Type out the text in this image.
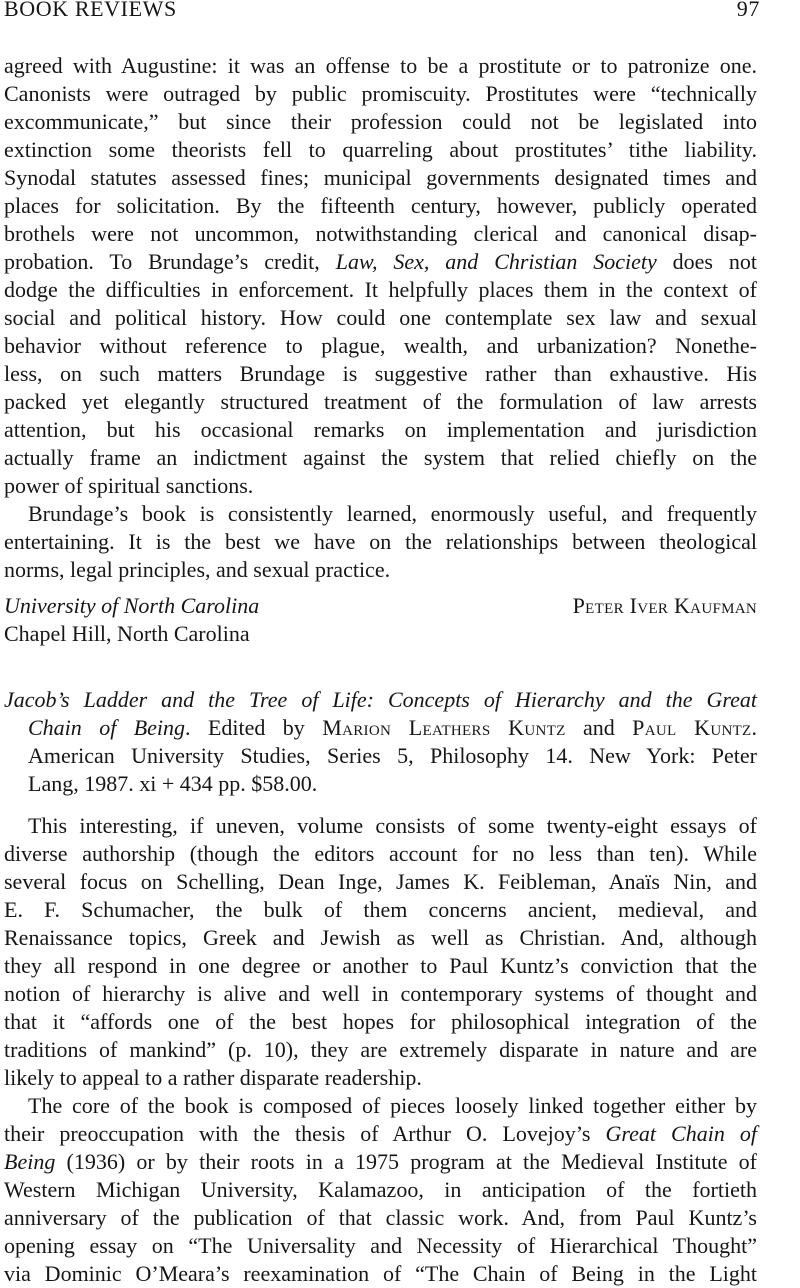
BOOK REVIEWS	97
agreed with Augustine: it was an offense to be a prostitute or to patronize one.
Canonists were outraged by public promiscuity. Prostitutes were “technically
excommunicate,” but since their profession could not be legislated into
extinction some theorists fell to quarreling about prostitutes’ tithe liability.
Synodal statutes assessed fines; municipal governments designated times and
places for solicitation. By the fifteenth century, however, publicly operated
brothels were not uncommon, notwithstanding clerical and canonical disap-
probation. To Brundage’s credit, Law, Sex, and Christian Society does not
dodge the difficulties in enforcement. It helpfully places them in the context of
social and political history. How could one contemplate sex law and sexual
behavior without reference to plague, wealth, and urbanization? Nonethe-
less, on such matters Brundage is suggestive rather than exhaustive. His
packed yet elegantly structured treatment of the formulation of law arrests
attention, but his occasional remarks on implementation and jurisdiction
actually frame an indictment against the system that relied chiefly on the
power of spiritual sanctions.
Brundage’s book is consistently learned, enormously useful, and frequently
entertaining. It is the best we have on the relationships between theological
norms, legal principles, and sexual practice.
University of North Carolina	Peter Iver Kaufman
Chapel Hill, North Carolina
Jacob’s Ladder and the Tree of Life: Concepts of Hierarchy and the Great
Chain of Being. Edited by Marion Leathers Kuntz and Paul Kuntz.
American University Studies, Series 5, Philosophy 14. New York: Peter
Lang, 1987. xi + 434 pp. $58.00.
This interesting, if uneven, volume consists of some twenty-eight essays of
diverse authorship (though the editors account for no less than ten). While
several focus on Schelling, Dean Inge, James K. Feibleman, Anaïs Nin, and
E. F. Schumacher, the bulk of them concerns ancient, medieval, and
Renaissance topics, Greek and Jewish as well as Christian. And, although
they all respond in one degree or another to Paul Kuntz’s conviction that the
notion of hierarchy is alive and well in contemporary systems of thought and
that it “affords one of the best hopes for philosophical integration of the
traditions of mankind” (p. 10), they are extremely disparate in nature and are
likely to appeal to a rather disparate readership.
The core of the book is composed of pieces loosely linked together either by
their preoccupation with the thesis of Arthur O. Lovejoy’s Great Chain of
Being (1936) or by their roots in a 1975 program at the Medieval Institute of
Western Michigan University, Kalamazoo, in anticipation of the fortieth
anniversary of the publication of that classic work. And, from Paul Kuntz’s
opening essay on “The Universality and Necessity of Hierarchical Thought”
via Dominic O’Meara’s reexamination of “The Chain of Being in the Light
